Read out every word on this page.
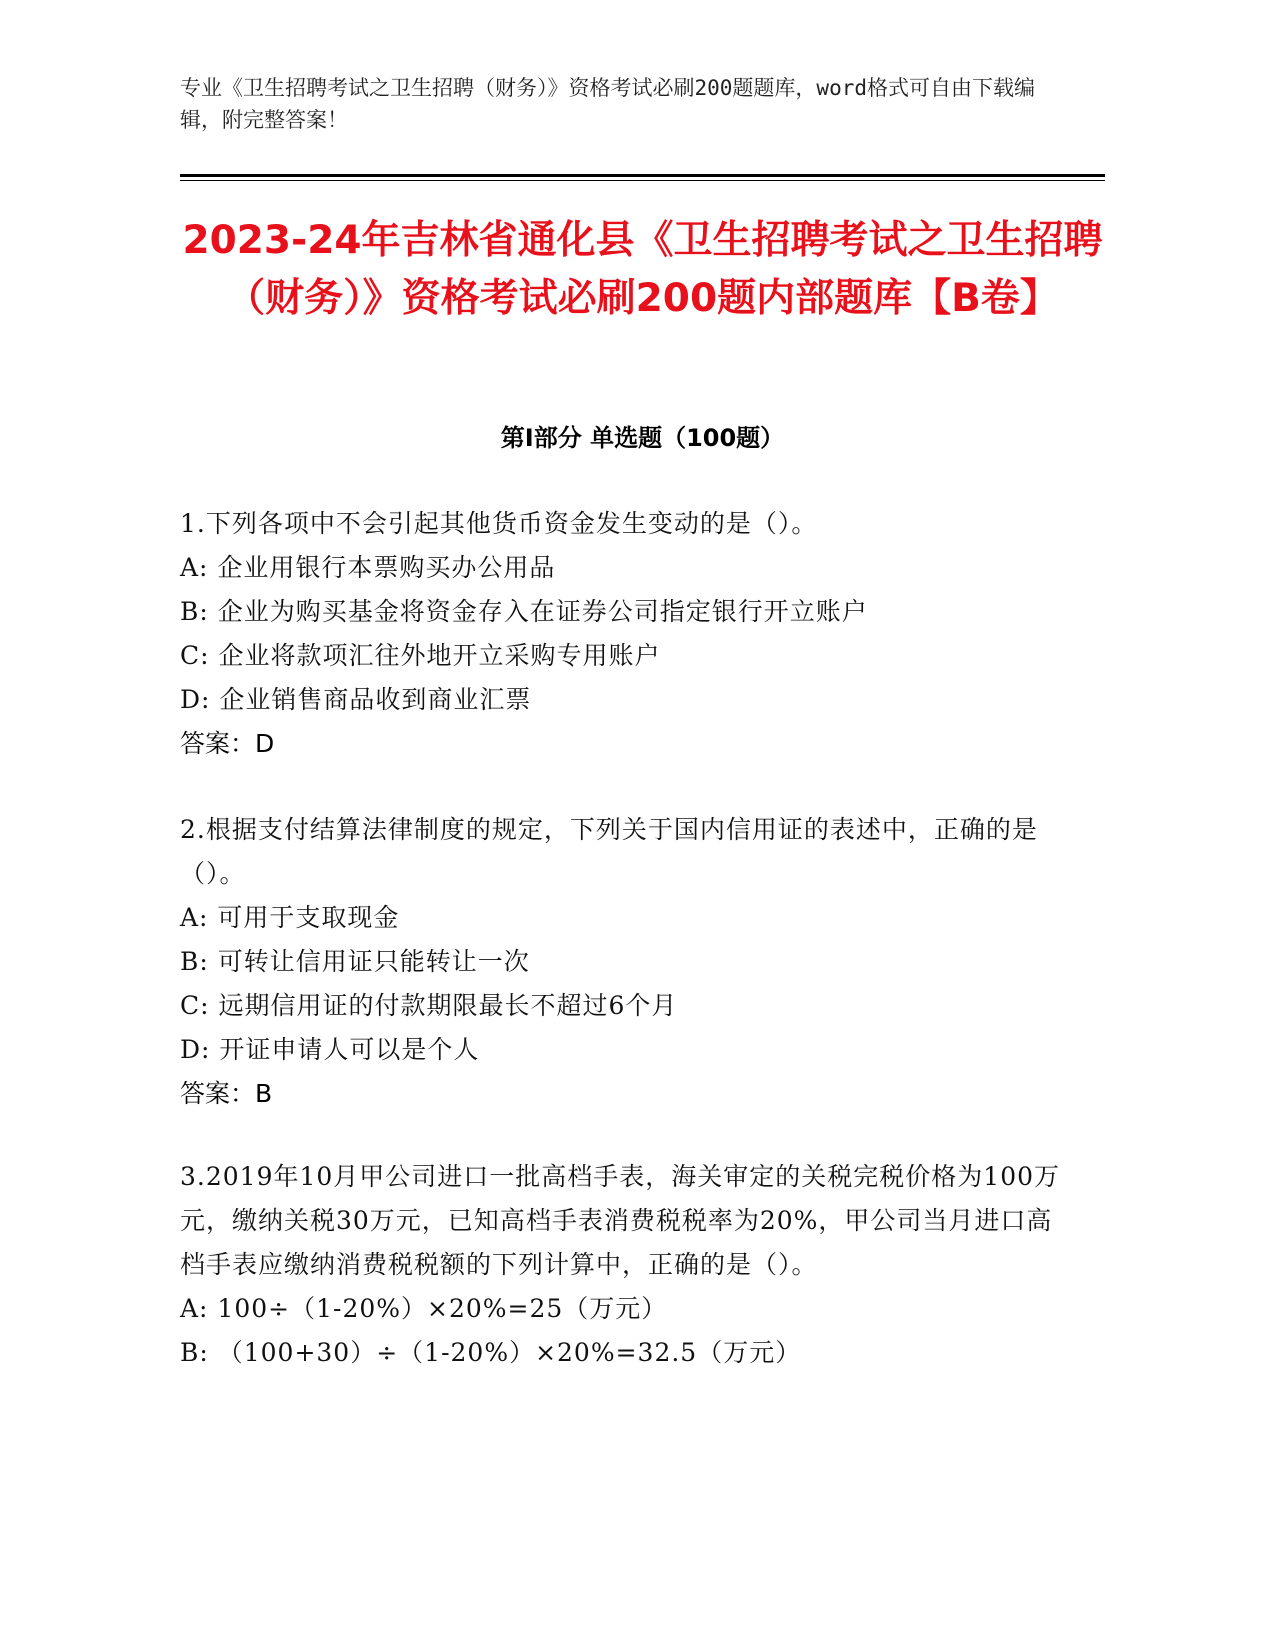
专业《卫生招聘考试之卫生招聘（财务）》资格考试必刷200题题库，word格式可自由下载编辑，附完整答案！
2023-24年吉林省通化县《卫生招聘考试之卫生招聘（财务）》资格考试必刷200题内部题库【B卷】
第I部分 单选题（100题）
1.下列各项中不会引起其他货币资金发生变动的是（）。
A: 企业用银行本票购买办公用品
B: 企业为购买基金将资金存入在证券公司指定银行开立账户
C: 企业将款项汇往外地开立采购专用账户
D: 企业销售商品收到商业汇票
答案：D
2.根据支付结算法律制度的规定，下列关于国内信用证的表述中，正确的是（）。
A: 可用于支取现金
B: 可转让信用证只能转让一次
C: 远期信用证的付款期限最长不超过6个月
D: 开证申请人可以是个人
答案：B
3.2019年10月甲公司进口一批高档手表，海关审定的关税完税价格为100万元，缴纳关税30万元，已知高档手表消费税税率为20%，甲公司当月进口高档手表应缴纳消费税税额的下列计算中，正确的是（）。
A: 100÷（1-20%）×20%=25（万元）
B: （100+30）÷（1-20%）×20%=32.5（万元）
